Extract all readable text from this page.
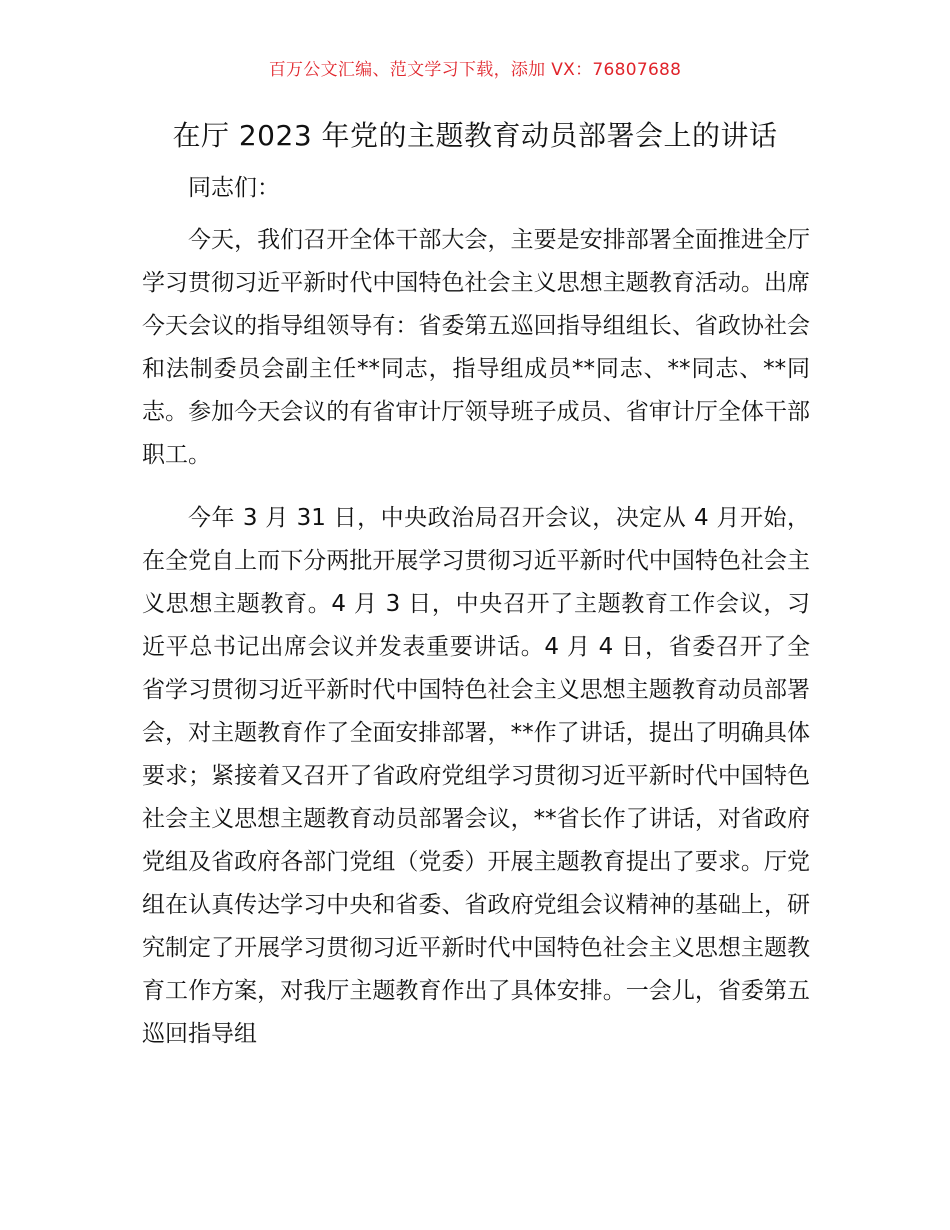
百万公文汇编、范文学习下载，添加 VX：76807688
在厅 2023 年党的主题教育动员部署会上的讲话

同志们：

今天，我们召开全体干部大会，主要是安排部署全面推进全厅学习贯彻习近平新时代中国特色社会主义思想主题教育活动。出席今天会议的指导组领导有：省委第五巡回指导组组长、省政协社会和法制委员会副主任**同志，指导组成员**同志、**同志、**同志。参加今天会议的有省审计厅领导班子成员、省审计厅全体干部职工。

今年 3 月 31 日，中央政治局召开会议，决定从 4 月开始，在全党自上而下分两批开展学习贯彻习近平新时代中国特色社会主义思想主题教育。4 月 3 日，中央召开了主题教育工作会议，习近平总书记出席会议并发表重要讲话。4 月 4 日，省委召开了全省学习贯彻习近平新时代中国特色社会主义思想主题教育动员部署会，对主题教育作了全面安排部署，**作了讲话，提出了明确具体要求；紧接着又召开了省政府党组学习贯彻习近平新时代中国特色社会主义思想主题教育动员部署会议，**省长作了讲话，对省政府党组及省政府各部门党组（党委）开展主题教育提出了要求。厅党组在认真传达学习中央和省委、省政府党组会议精神的基础上，研究制定了开展学习贯彻习近平新时代中国特色社会主义思想主题教育工作方案，对我厅主题教育作出了具体安排。一会儿，省委第五巡回指导组
